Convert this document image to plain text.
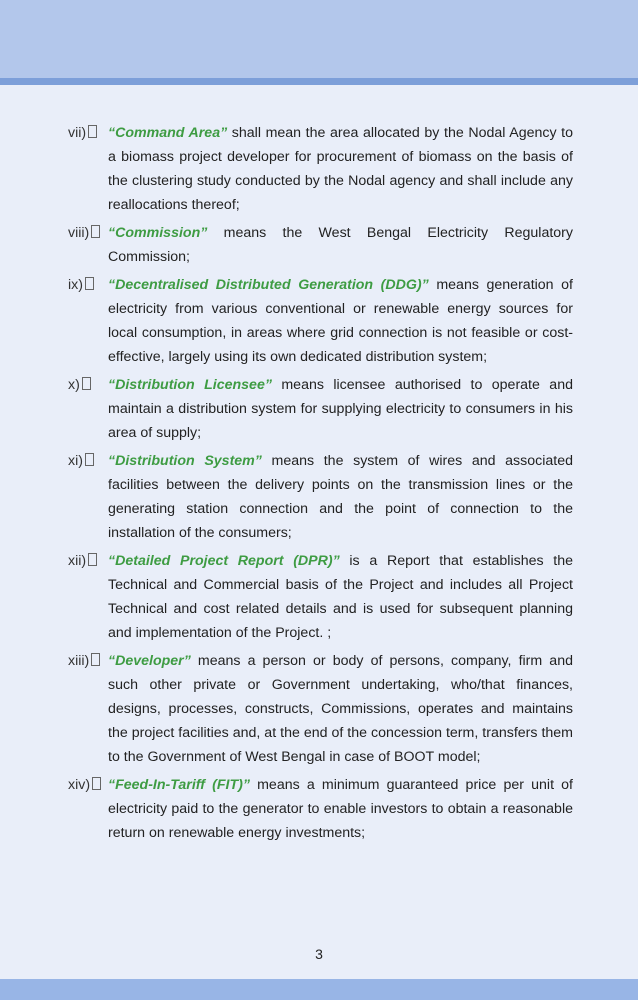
vii)	“Command Area” shall mean the area allocated by the Nodal Agency to a biomass project developer for procurement of biomass on the basis of the clustering study conducted by the Nodal agency and shall include any reallocations thereof;
viii)	“Commission” means the West Bengal Electricity Regulatory Commission;
ix)	“Decentralised Distributed Generation (DDG)” means generation of electricity from various conventional or renewable energy sources for local consumption, in areas where grid connection is not feasible or cost-effective, largely using its own dedicated distribution system;
x)	“Distribution Licensee” means licensee authorised to operate and maintain a distribution system for supplying electricity to consumers in his area of supply;
xi)	“Distribution System” means the system of wires and associated facilities between the delivery points on the transmission lines or the generating station connection and the point of connection to the installation of the consumers;
xii)	“Detailed Project Report (DPR)” is a Report that establishes the Technical and Commercial basis of the Project and includes all Project Technical and cost related details and is used for subsequent planning and implementation of the Project. ;
xiii)	“Developer” means a person or body of persons, company, firm and such other private or Government undertaking, who/that finances, designs, processes, constructs, Commissions, operates and maintains the project facilities and, at the end of the concession term, transfers them to the Government of West Bengal in case of BOOT model;
xiv)	“Feed-In-Tariff (FIT)” means a minimum guaranteed price per unit of electricity paid to the generator to enable investors to obtain a reasonable return on renewable energy investments;
3
